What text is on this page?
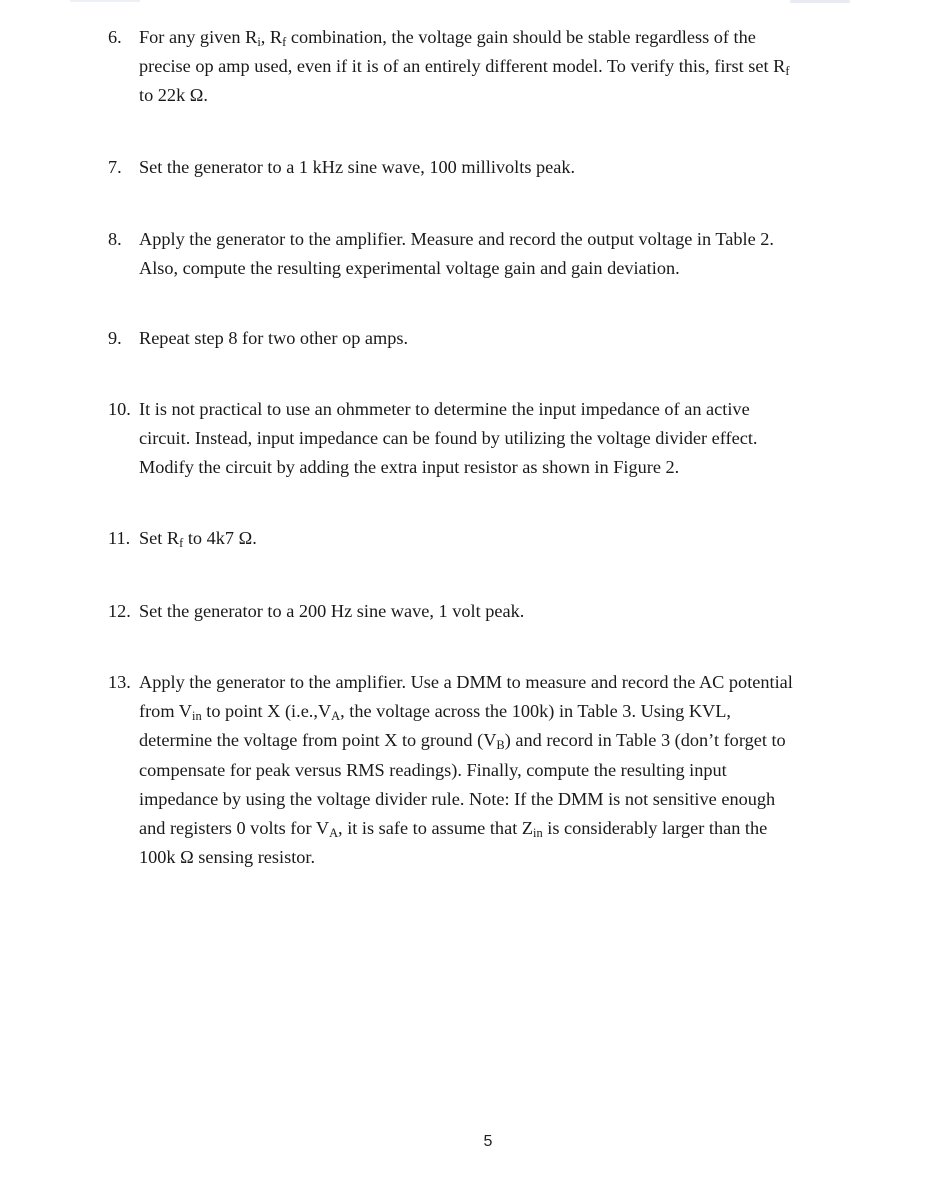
6. For any given Ri, Rf combination, the voltage gain should be stable regardless of the
precise op amp used, even if it is of an entirely different model. To verify this, first set Rf
to 22k Ω.
7. Set the generator to a 1 kHz sine wave, 100 millivolts peak.
8. Apply the generator to the amplifier. Measure and record the output voltage in Table 2.
Also, compute the resulting experimental voltage gain and gain deviation.
9. Repeat step 8 for two other op amps.
10. It is not practical to use an ohmmeter to determine the input impedance of an active
circuit. Instead, input impedance can be found by utilizing the voltage divider effect.
Modify the circuit by adding the extra input resistor as shown in Figure 2.
11. Set Rf to 4k7 Ω.
12. Set the generator to a 200 Hz sine wave, 1 volt peak.
13. Apply the generator to the amplifier. Use a DMM to measure and record the AC potential
from Vin to point X (i.e.,VA, the voltage across the 100k) in Table 3. Using KVL,
determine the voltage from point X to ground (VB) and record in Table 3 (don’t forget to
compensate for peak versus RMS readings). Finally, compute the resulting input
impedance by using the voltage divider rule. Note: If the DMM is not sensitive enough
and registers 0 volts for VA, it is safe to assume that Zin is considerably larger than the
100k Ω sensing resistor.
5
